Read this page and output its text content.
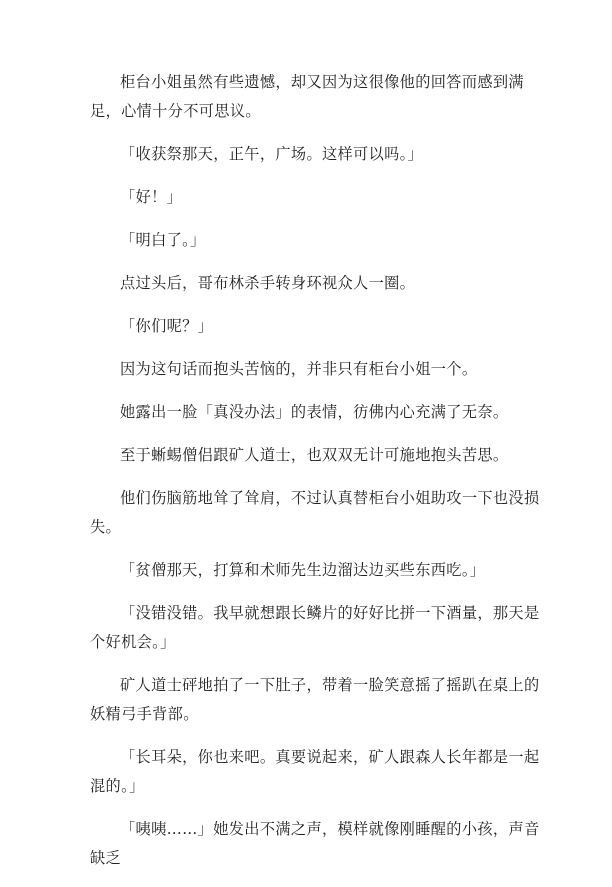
柜台小姐虽然有些遗憾，却又因为这很像他的回答而感到满足，心情十分不可思议。

「收获祭那天，正午，广场。这样可以吗。」

「好！」

「明白了。」

点过头后，哥布林杀手转身环视众人一圈。

「你们呢？」

因为这句话而抱头苦恼的，并非只有柜台小姐一个。

她露出一脸「真没办法」的表情，彷佛内心充满了无奈。

至于蜥蜴僧侣跟矿人道士，也双双无计可施地抱头苦思。

他们伤脑筋地耸了耸肩，不过认真替柜台小姐助攻一下也没损失。

「贫僧那天，打算和术师先生边溜达边买些东西吃。」

「没错没错。我早就想跟长鳞片的好好比拼一下酒量，那天是个好机会。」

矿人道士砰地拍了一下肚子，带着一脸笑意摇了摇趴在桌上的妖精弓手背部。

「长耳朵，你也来吧。真要说起来，矿人跟森人长年都是一起混的。」

「咦咦……」她发出不满之声，模样就像刚睡醒的小孩，声音缺乏
